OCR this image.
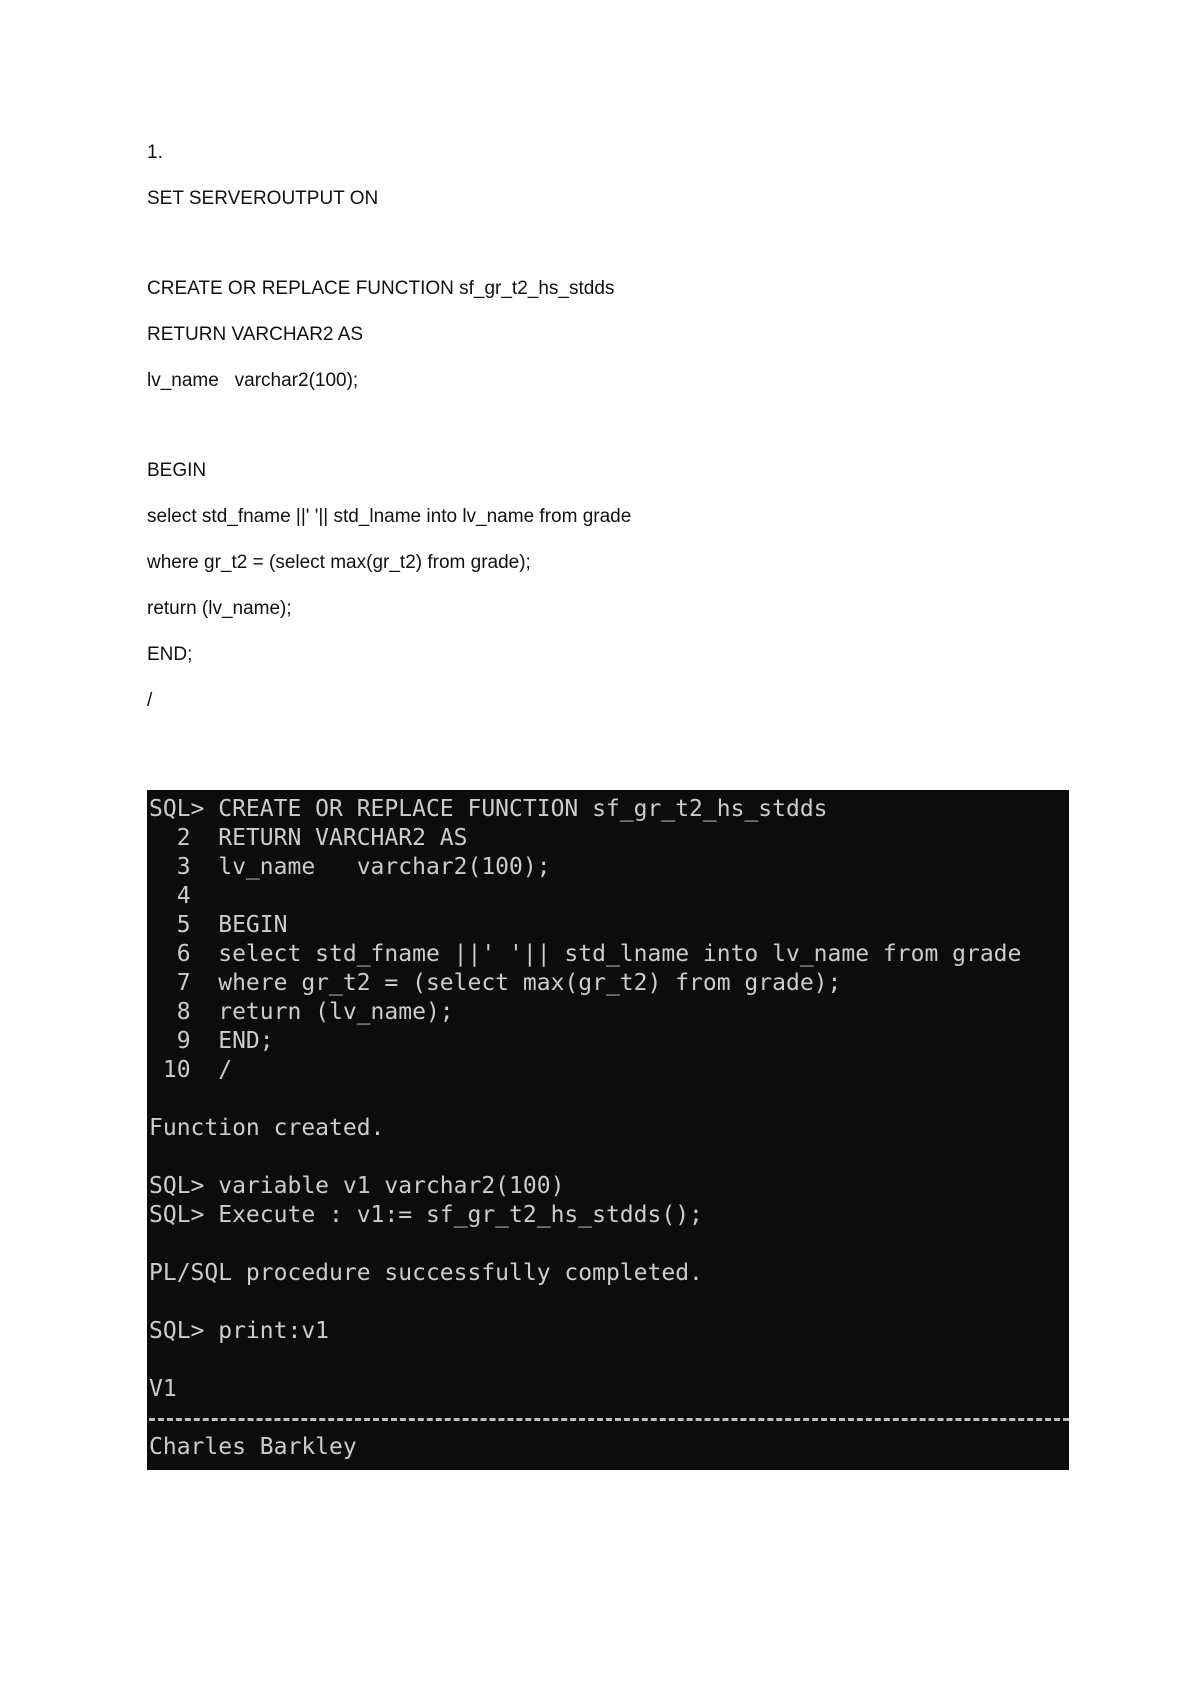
1.

SET SERVEROUTPUT ON

CREATE OR REPLACE FUNCTION sf_gr_t2_hs_stdds

RETURN VARCHAR2 AS

lv_name   varchar2(100);

BEGIN

select std_fname ||' '|| std_lname into lv_name from grade

where gr_t2 = (select max(gr_t2) from grade);

return (lv_name);

END;

/

SQL> CREATE OR REPLACE FUNCTION sf_gr_t2_hs_stdds

2  RETURN VARCHAR2 AS

3  lv_name   varchar2(100);

4

5  BEGIN

6  select std_fname ||' '|| std_lname into lv_name from grade

7  where gr_t2 = (select max(gr_t2) from grade);

8  return (lv_name);

9  END;

10  /

Function created.

SQL> variable v1 varchar2(100)

SQL> Execute : v1:= sf_gr_t2_hs_stdds();

PL/SQL procedure successfully completed.

SQL> print:v1

V1

Charles Barkley
